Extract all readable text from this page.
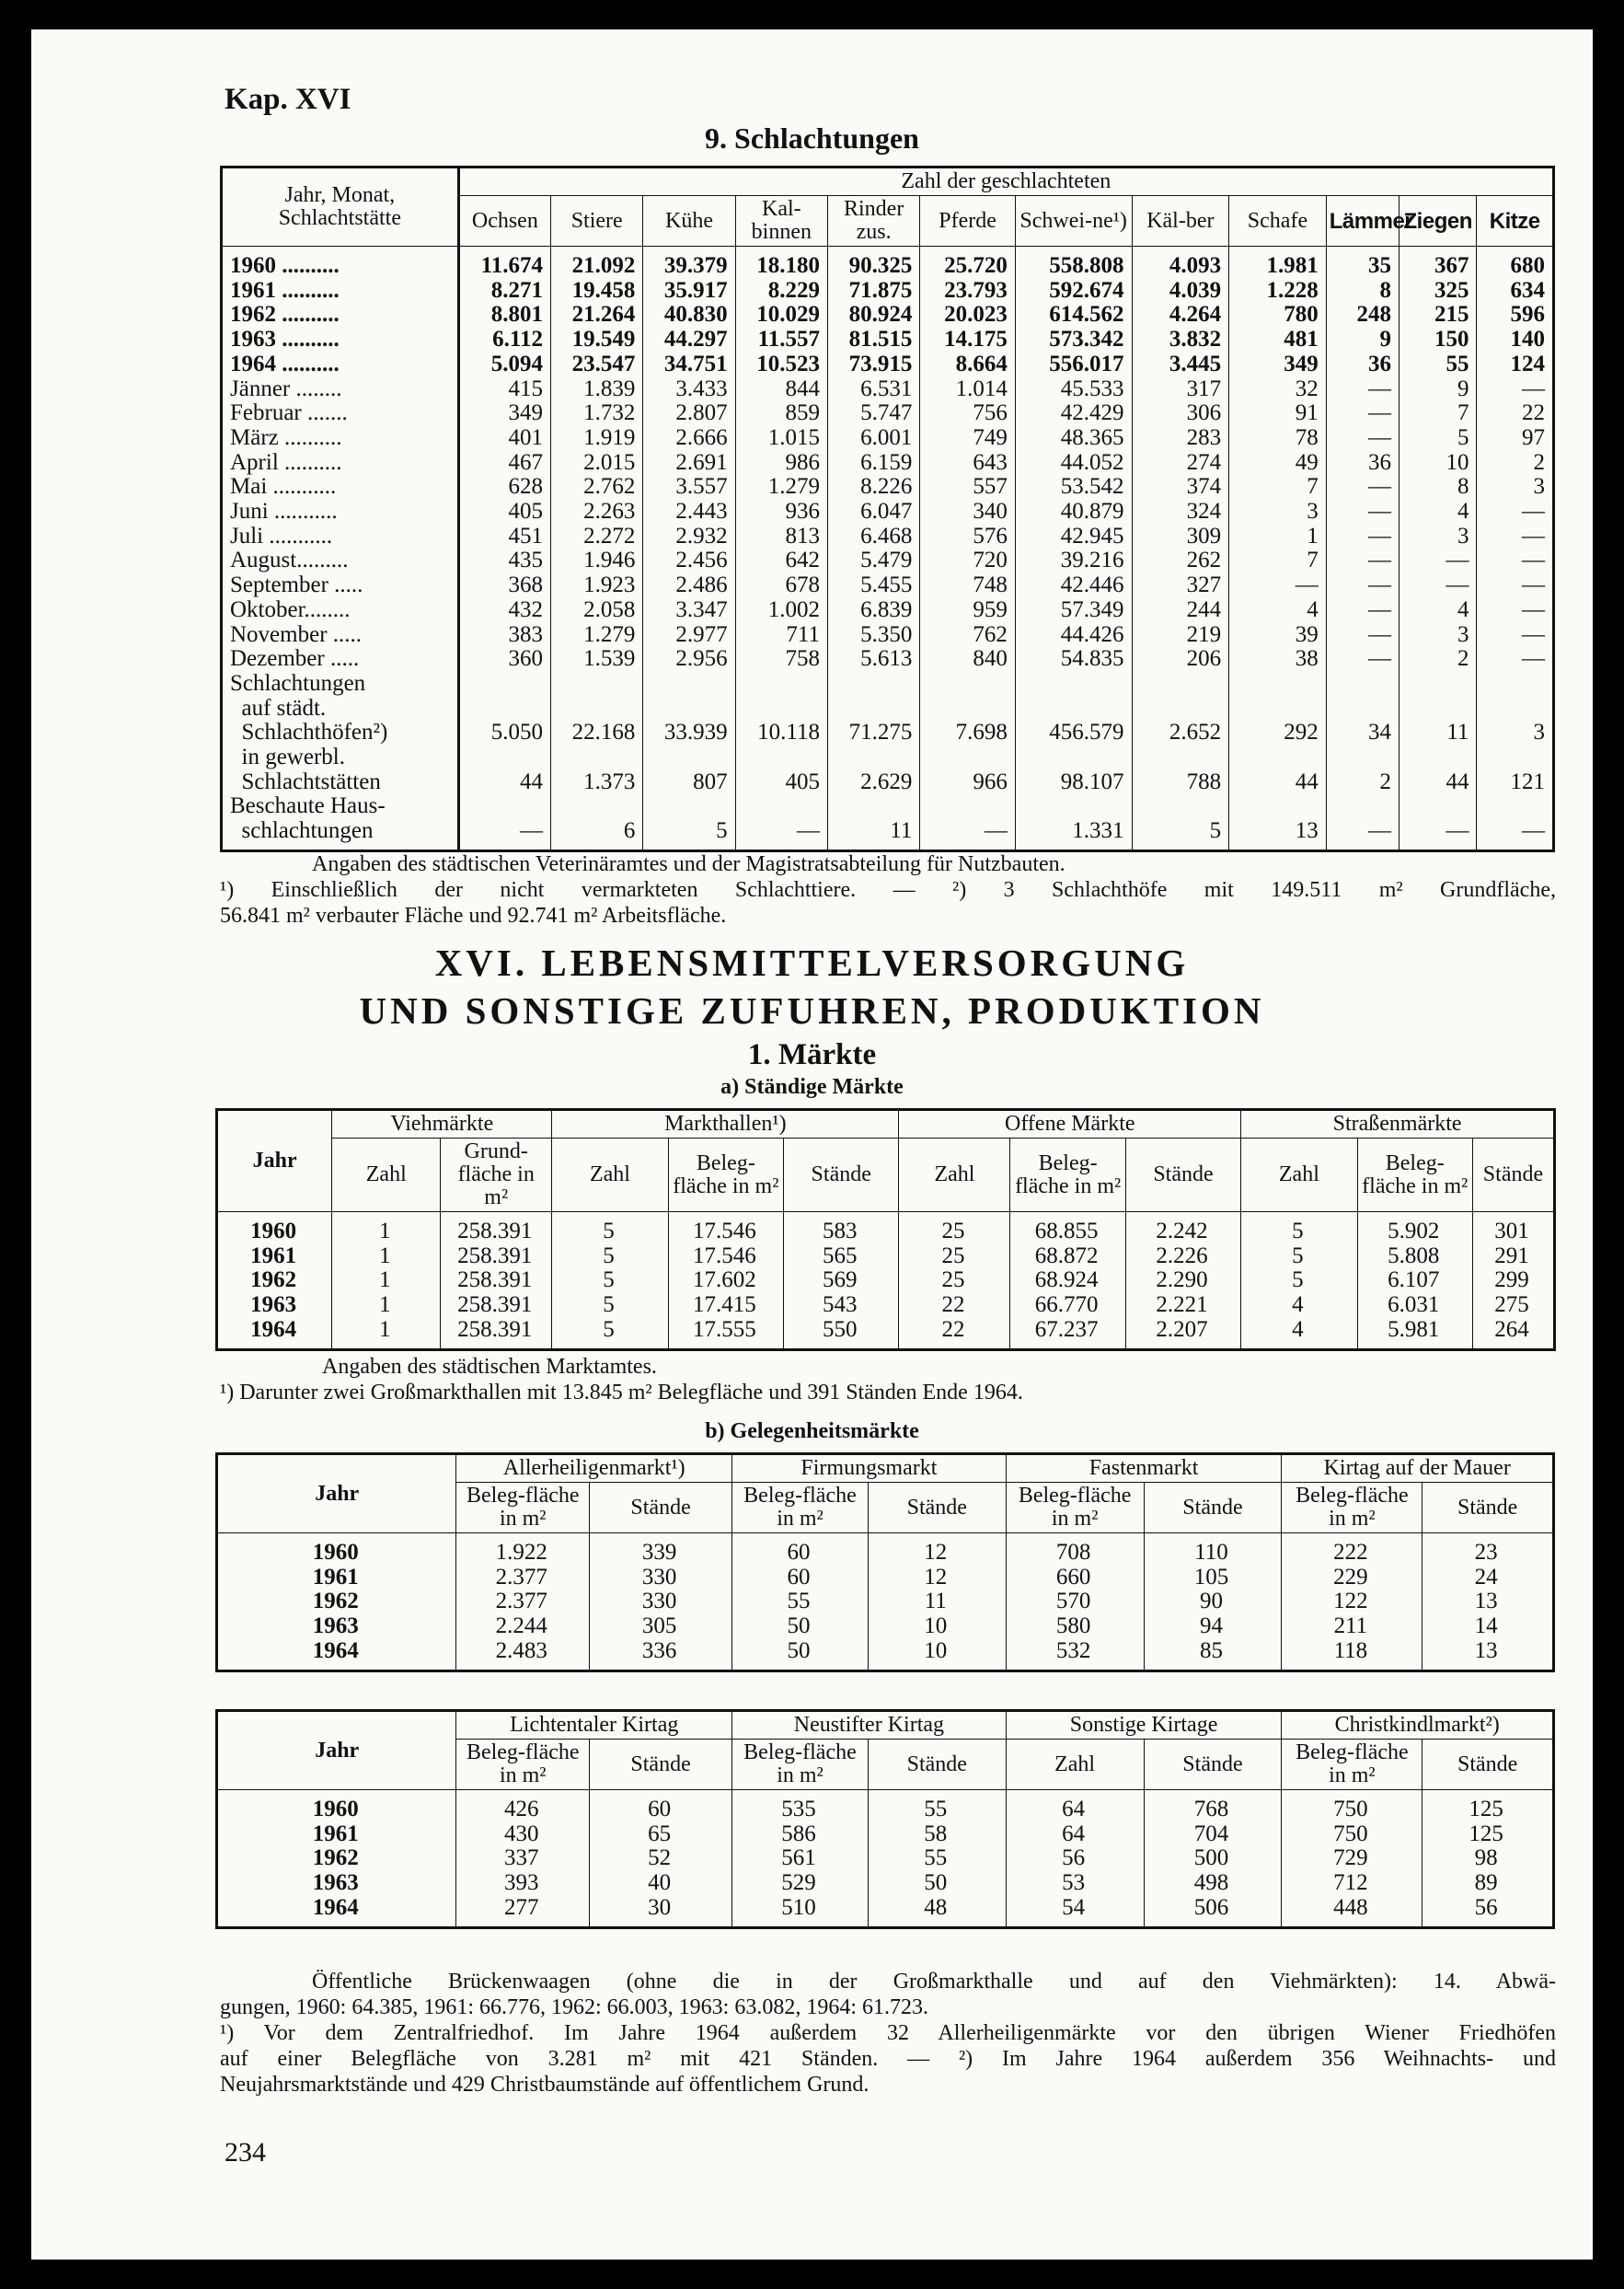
Kap. XVI
9. Schlachtungen
Jahr, Monat, Schlachtstätte	Zahl der geschlachteten											
	Ochsen	Stiere	Kühe	Kal-binnen	Rinder zus.	Pferde	Schwei-ne¹)	Käl-ber	Schafe	Lämmer	Ziegen	Kitze
1960 ..........	11.674	21.092	39.379	18.180	90.325	25.720	558.808	4.093	1.981	35	367	680
1961 ..........	8.271	19.458	35.917	8.229	71.875	23.793	592.674	4.039	1.228	8	325	634
1962 ..........	8.801	21.264	40.830	10.029	80.924	20.023	614.562	4.264	780	248	215	596
1963 ..........	6.112	19.549	44.297	11.557	81.515	14.175	573.342	3.832	481	9	150	140
1964 ..........	5.094	23.547	34.751	10.523	73.915	8.664	556.017	3.445	349	36	55	124
Jänner ........	415	1.839	3.433	844	6.531	1.014	45.533	317	32	—	9	—
Februar .......	349	1.732	2.807	859	5.747	756	42.429	306	91	—	7	22
März ..........	401	1.919	2.666	1.015	6.001	749	48.365	283	78	—	5	97
April ..........	467	2.015	2.691	986	6.159	643	44.052	274	49	36	10	2
Mai ...........	628	2.762	3.557	1.279	8.226	557	53.542	374	7	—	8	3
Juni ...........	405	2.263	2.443	936	6.047	340	40.879	324	3	—	4	—
Juli ...........	451	2.272	2.932	813	6.468	576	42.945	309	1	—	3	—
August.........	435	1.946	2.456	642	5.479	720	39.216	262	7	—	—	—
September .....	368	1.923	2.486	678	5.455	748	42.446	327	—	—	—	—
Oktober........	432	2.058	3.347	1.002	6.839	959	57.349	244	4	—	4	—
November .....	383	1.279	2.977	711	5.350	762	44.426	219	39	—	3	—
Dezember .....	360	1.539	2.956	758	5.613	840	54.835	206	38	—	2	—
Schlachtungen
auf städt.
Schlachthöfen²)	5.050	22.168	33.939	10.118	71.275	7.698	456.579	2.652	292	34	11	3
in gewerbl.
Schlachtstätten	44	1.373	807	405	2.629	966	98.107	788	44	2	44	121
Beschaute Haus-
schlachtungen	—	6	5	—	11	—	1.331	5	13	—	—	—
Angaben des städtischen Veterinäramtes und der Magistratsabteilung für Nutzbauten.
¹) Einschließlich der nicht vermarkteten Schlachttiere. — ²) 3 Schlachthöfe mit 149.511 m² Grundfläche,
56.841 m² verbauter Fläche und 92.741 m² Arbeitsfläche.
XVI. LEBENSMITTELVERSORGUNG
UND SONSTIGE ZUFUHREN, PRODUKTION
1. Märkte
a) Ständige Märkte
Jahr	Viehmärkte		Markthallen¹)			Offene Märkte			Straßenmärkte		
	Zahl	Grund-fläche in m²	Zahl	Beleg-fläche in m²	Stände	Zahl	Beleg-fläche in m²	Stände	Zahl	Beleg-fläche in m²	Stände
1960	1	258.391	5	17.546	583	25	68.855	2.242	5	5.902	301
1961	1	258.391	5	17.546	565	25	68.872	2.226	5	5.808	291
1962	1	258.391	5	17.602	569	25	68.924	2.290	5	6.107	299
1963	1	258.391	5	17.415	543	22	66.770	2.221	4	6.031	275
1964	1	258.391	5	17.555	550	22	67.237	2.207	4	5.981	264
Angaben des städtischen Marktamtes.
¹) Darunter zwei Großmarkthallen mit 13.845 m² Belegfläche und 391 Ständen Ende 1964.
b) Gelegenheitsmärkte
Jahr	Allerheiligenmarkt¹)		Firmungsmarkt		Fastenmarkt		Kirtag auf der Mauer	
	Beleg-fläche in m²	Stände	Beleg-fläche in m²	Stände	Beleg-fläche in m²	Stände	Beleg-fläche in m²	Stände
1960	1.922	339	60	12	708	110	222	23
1961	2.377	330	60	12	660	105	229	24
1962	2.377	330	55	11	570	90	122	13
1963	2.244	305	50	10	580	94	211	14
1964	2.483	336	50	10	532	85	118	13
Jahr	Lichtentaler Kirtag		Neustifter Kirtag		Sonstige Kirtage		Christkindlmarkt²)	
	Beleg-fläche in m²	Stände	Beleg-fläche in m²	Stände	Zahl	Stände	Beleg-fläche in m²	Stände
1960	426	60	535	55	64	768	750	125
1961	430	65	586	58	64	704	750	125
1962	337	52	561	55	56	500	729	98
1963	393	40	529	50	53	498	712	89
1964	277	30	510	48	54	506	448	56
Öffentliche Brückenwaagen (ohne die in der Großmarkthalle und auf den Viehmärkten): 14. Abwä-
gungen, 1960: 64.385, 1961: 66.776, 1962: 66.003, 1963: 63.082, 1964: 61.723.
¹) Vor dem Zentralfriedhof. Im Jahre 1964 außerdem 32 Allerheiligenmärkte vor den übrigen Wiener Friedhöfen
auf einer Belegfläche von 3.281 m² mit 421 Ständen. — ²) Im Jahre 1964 außerdem 356 Weihnachts- und
Neujahrsmarktstände und 429 Christbaumstände auf öffentlichem Grund.
234
